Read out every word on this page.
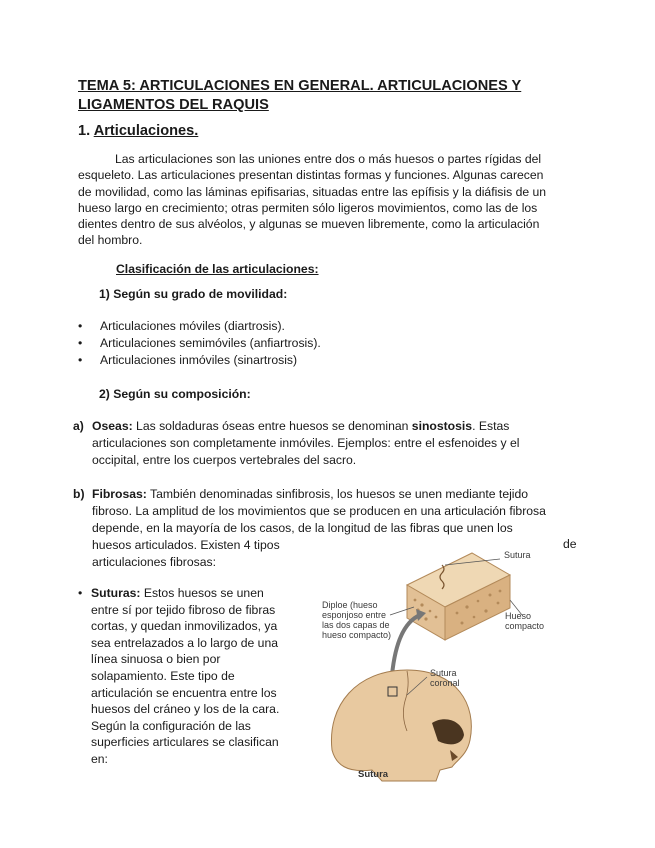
TEMA 5: ARTICULACIONES EN GENERAL. ARTICULACIONES Y
LIGAMENTOS DEL RAQUIS
1. Articulaciones.
Las articulaciones son las uniones entre dos o más huesos o partes rígidas del
esqueleto. Las articulaciones presentan distintas formas y funciones. Algunas carecen
de movilidad, como las láminas epifisarias, situadas entre las epífisis y la diáfisis de un
hueso largo en crecimiento; otras permiten sólo ligeros movimientos, como las de los
dientes dentro de sus alvéolos, y algunas se mueven libremente, como la articulación
del hombro.
Clasificación de las articulaciones:
1) Según su grado de movilidad:
• Articulaciones móviles (diartrosis).
• Articulaciones semimóviles (anfiartrosis).
• Articulaciones inmóviles (sinartrosis)
2) Según su composición:
a) Oseas: Las soldaduras óseas entre huesos se denominan sinostosis. Estas
articulaciones son completamente inmóviles. Ejemplos: entre el esfenoides y el
occipital, entre los cuerpos vertebrales del sacro.
b) Fibrosas: También denominadas sinfibrosis, los huesos se unen mediante tejido
fibroso. La amplitud de los movimientos que se producen en una articulación fibrosa
depende, en la mayoría de los casos, de la longitud de las fibras que unen los
huesos articulados. Existen 4 tipos
articulaciones fibrosas:
de
• Suturas: Estos huesos se unen
entre sí por tejido fibroso de fibras
cortas, y quedan inmovilizados, ya
sea entrelazados a lo largo de una
línea sinuosa o bien por
solapamiento. Este tipo de
articulación se encuentra entre los
huesos del cráneo y los de la cara.
Según la configuración de las
superficies articulares se clasifican
en:
Sutura
Diploe (hueso
esponjoso entre
las dos capas de
hueso compacto)
Hueso
compacto
Sutura
coronal
Sutura
